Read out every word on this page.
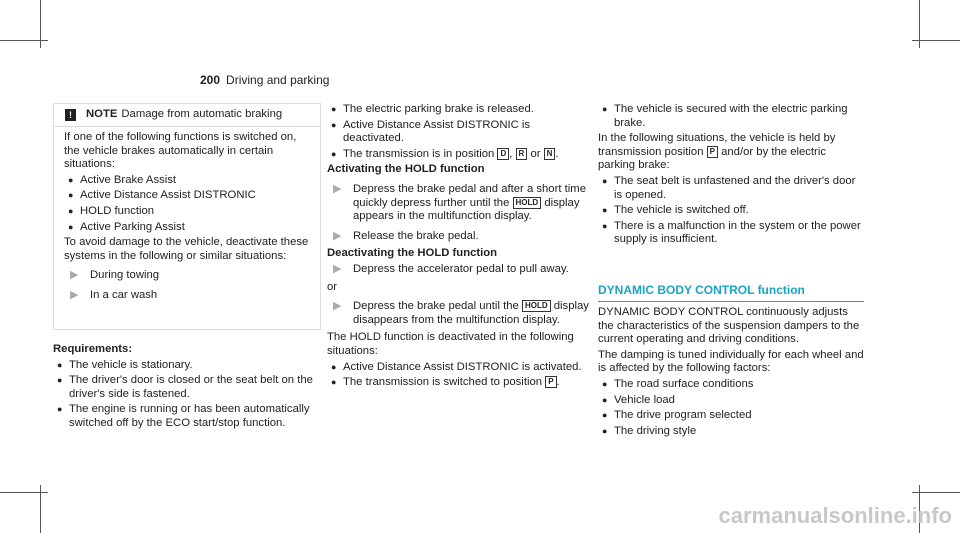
200 Driving and parking
!	NOTE Damage from automatic braking

If one of the following functions is switched on, the vehicle brakes automatically in certain situations:

● Active Brake Assist
● Active Distance Assist DISTRONIC
● HOLD function
● Active Parking Assist

To avoid damage to the vehicle, deactivate these systems in the following or similar situations:

▶ During towing
▶ In a car wash
Requirements:
● The vehicle is stationary.
● The driver's door is closed or the seat belt on the driver's side is fastened.
● The engine is running or has been automatically switched off by the ECO start/stop function.
● The electric parking brake is released.
● Active Distance Assist DISTRONIC is deactivated.
● The transmission is in position D , R or N .
Activating the HOLD function
▶ Depress the brake pedal and after a short time quickly depress further until the HOLD display appears in the multifunction display.
▶ Release the brake pedal.
Deactivating the HOLD function
▶ Depress the accelerator pedal to pull away.

or

▶ Depress the brake pedal until the HOLD display disappears from the multifunction display.

The HOLD function is deactivated in the following situations:

● Active Distance Assist DISTRONIC is activated.
● The transmission is switched to position P .
● The vehicle is secured with the electric parking brake.

In the following situations, the vehicle is held by transmission position P and/or by the electric parking brake:

● The seat belt is unfastened and the driver's door is opened.
● The vehicle is switched off.
● There is a malfunction in the system or the power supply is insufficient.
DYNAMIC BODY CONTROL function

DYNAMIC BODY CONTROL continuously adjusts the characteristics of the suspension dampers to the current operating and driving conditions.

The damping is tuned individually for each wheel and is affected by the following factors:

● The road surface conditions
● Vehicle load
● The drive program selected
● The driving style
carmanualsonline.info
